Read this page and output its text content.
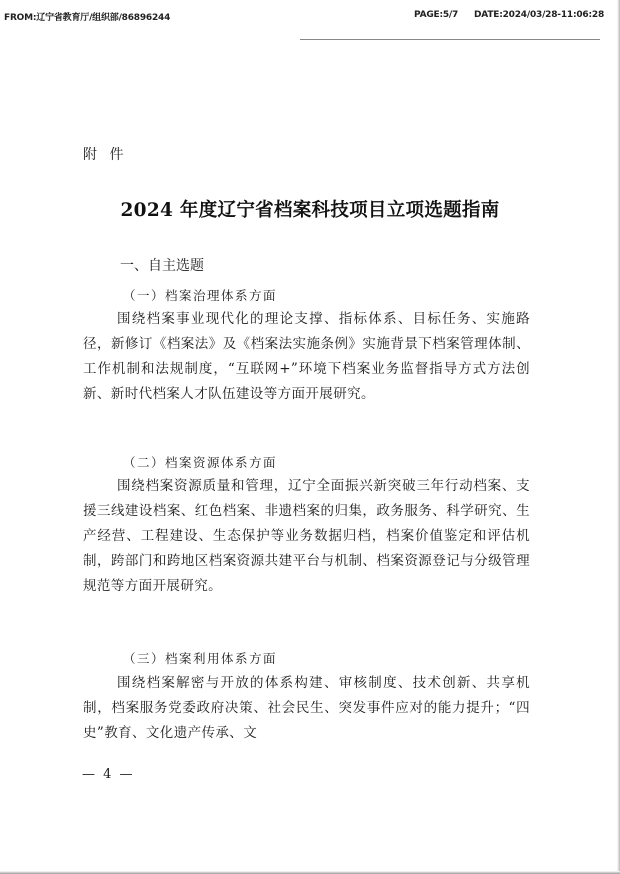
FROM:辽宁省教育厅/组织部/86896244	PAGE:5/7 DATE:2024/03/28-11:06:28
附 件
2024 年度辽宁省档案科技项目立项选题指南
一、自主选题
（一）档案治理体系方面

围绕档案事业现代化的理论支撑、指标体系、目标任务、实施路径，新修订《档案法》及《档案法实施条例》实施背景下档案管理体制、工作机制和法规制度，“互联网+”环境下档案业务监督指导方式方法创新、新时代档案人才队伍建设等方面开展研究。

（二）档案资源体系方面

围绕档案资源质量和管理，辽宁全面振兴新突破三年行动档案、支援三线建设档案、红色档案、非遗档案的归集，政务服务、科学研究、生产经营、工程建设、生态保护等业务数据归档，档案价值鉴定和评估机制，跨部门和跨地区档案资源共建平台与机制、档案资源登记与分级管理规范等方面开展研究。

（三）档案利用体系方面

围绕档案解密与开放的体系构建、审核制度、技术创新、共享机制，档案服务党委政府决策、社会民生、突发事件应对的能力提升；“四史”教育、文化遗产传承、文

— 4 —
